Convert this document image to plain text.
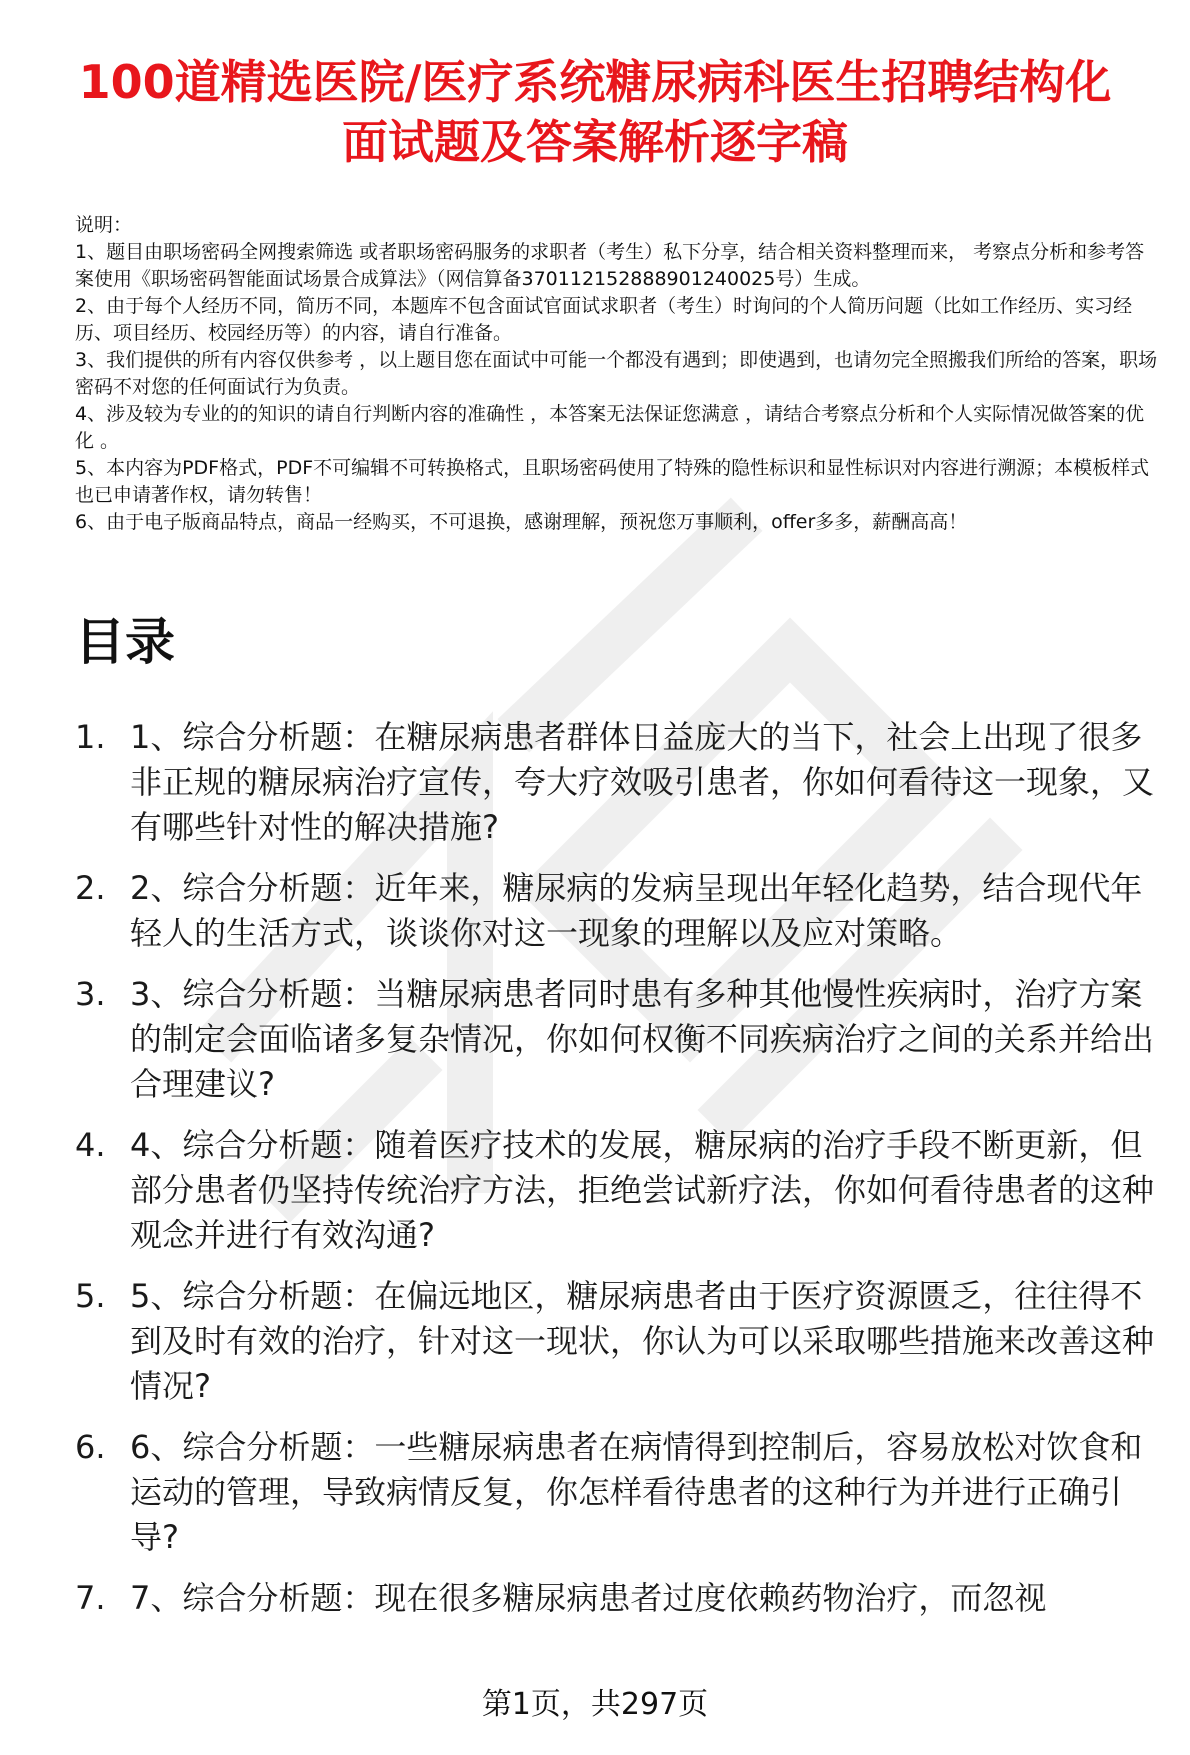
100道精选医院/医疗系统糖尿病科医生招聘结构化面试题及答案解析逐字稿

说明：

1、题目由职场密码全网搜索筛选 或者职场密码服务的求职者（考生）私下分享，结合相关资料整理而来， 考察点分析和参考答案使用《职场密码智能面试场景合成算法》（网信算备370112152888901240025号）生成。

2、由于每个人经历不同，简历不同，本题库不包含面试官面试求职者（考生）时询问的个人简历问题（比如工作经历、实习经历、项目经历、校园经历等）的内容，请自行准备。

3、我们提供的所有内容仅供参考 ，以上题目您在面试中可能一个都没有遇到；即使遇到，也请勿完全照搬我们所给的答案，职场密码不对您的任何面试行为负责。

4、涉及较为专业的的知识的请自行判断内容的准确性 ，本答案无法保证您满意 ，请结合考察点分析和个人实际情况做答案的优化 。

5、本内容为PDF格式，PDF不可编辑不可转换格式，且职场密码使用了特殊的隐性标识和显性标识对内容进行溯源；本模板样式也已申请著作权，请勿转售！

6、由于电子版商品特点，商品一经购买，不可退换，感谢理解，预祝您万事顺利，offer多多，薪酬高高！

目录
1. 1、综合分析题：在糖尿病患者群体日益庞大的当下，社会上出现了很多非正规的糖尿病治疗宣传，夸大疗效吸引患者，你如何看待这一现象，又有哪些针对性的解决措施?
2. 2、综合分析题：近年来，糖尿病的发病呈现出年轻化趋势，结合现代年轻人的生活方式，谈谈你对这一现象的理解以及应对策略。
3. 3、综合分析题：当糖尿病患者同时患有多种其他慢性疾病时，治疗方案的制定会面临诸多复杂情况，你如何权衡不同疾病治疗之间的关系并给出合理建议?
4. 4、综合分析题：随着医疗技术的发展，糖尿病的治疗手段不断更新，但部分患者仍坚持传统治疗方法，拒绝尝试新疗法，你如何看待患者的这种观念并进行有效沟通?
5. 5、综合分析题：在偏远地区，糖尿病患者由于医疗资源匮乏，往往得不到及时有效的治疗，针对这一现状，你认为可以采取哪些措施来改善这种情况?
6. 6、综合分析题：一些糖尿病患者在病情得到控制后，容易放松对饮食和运动的管理，导致病情反复，你怎样看待患者的这种行为并进行正确引导?
7. 7、综合分析题：现在很多糖尿病患者过度依赖药物治疗，而忽视
第1页，共297页
